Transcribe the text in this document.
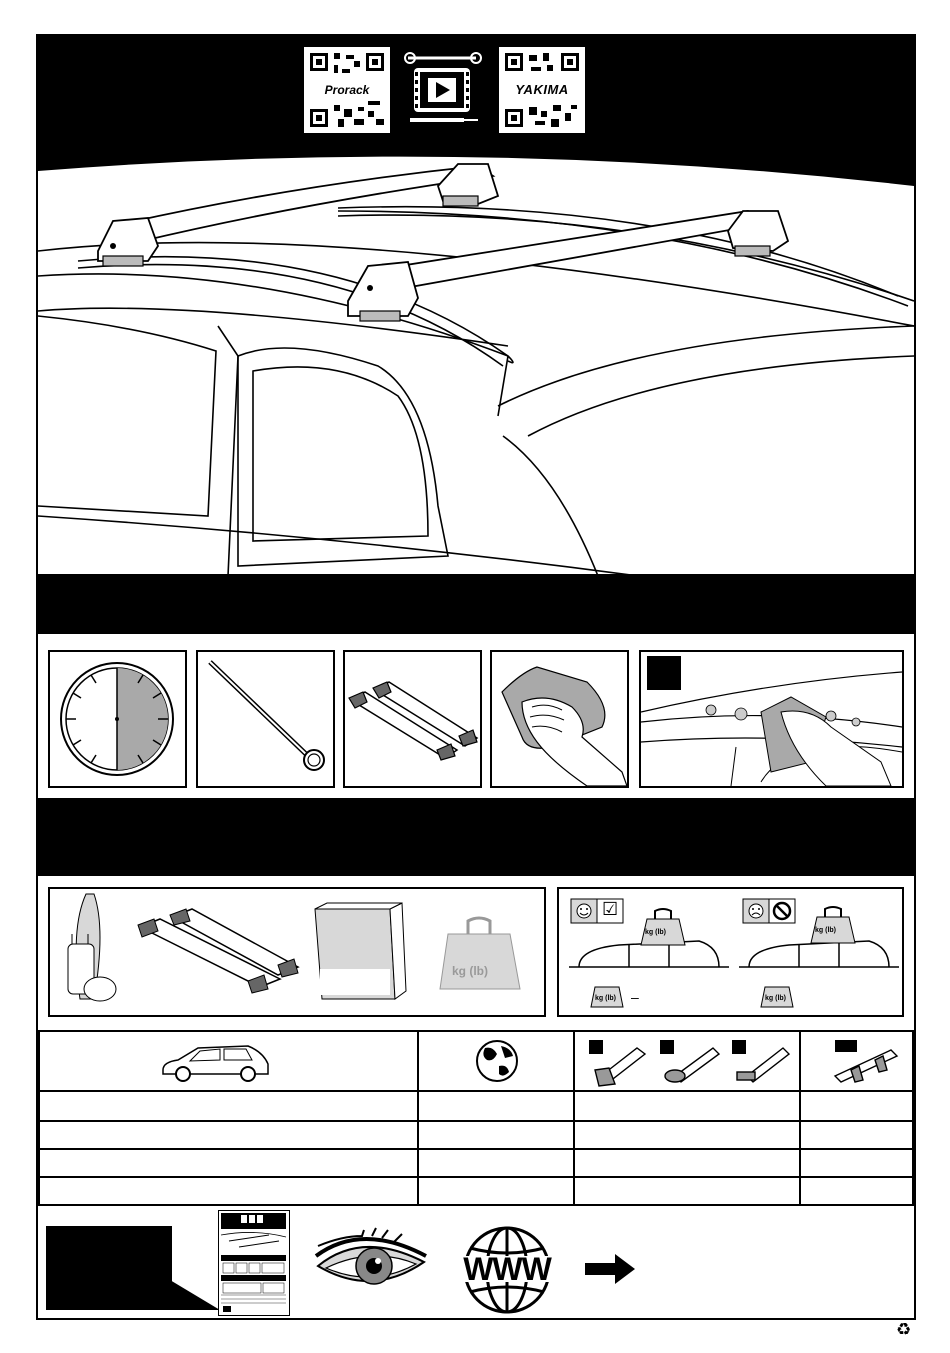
Prorack	YAKIMA
kg (lb)
☑
–
kg (lb)
kg (lb)
kg (lb)
kg (lb)
WWW
♻
